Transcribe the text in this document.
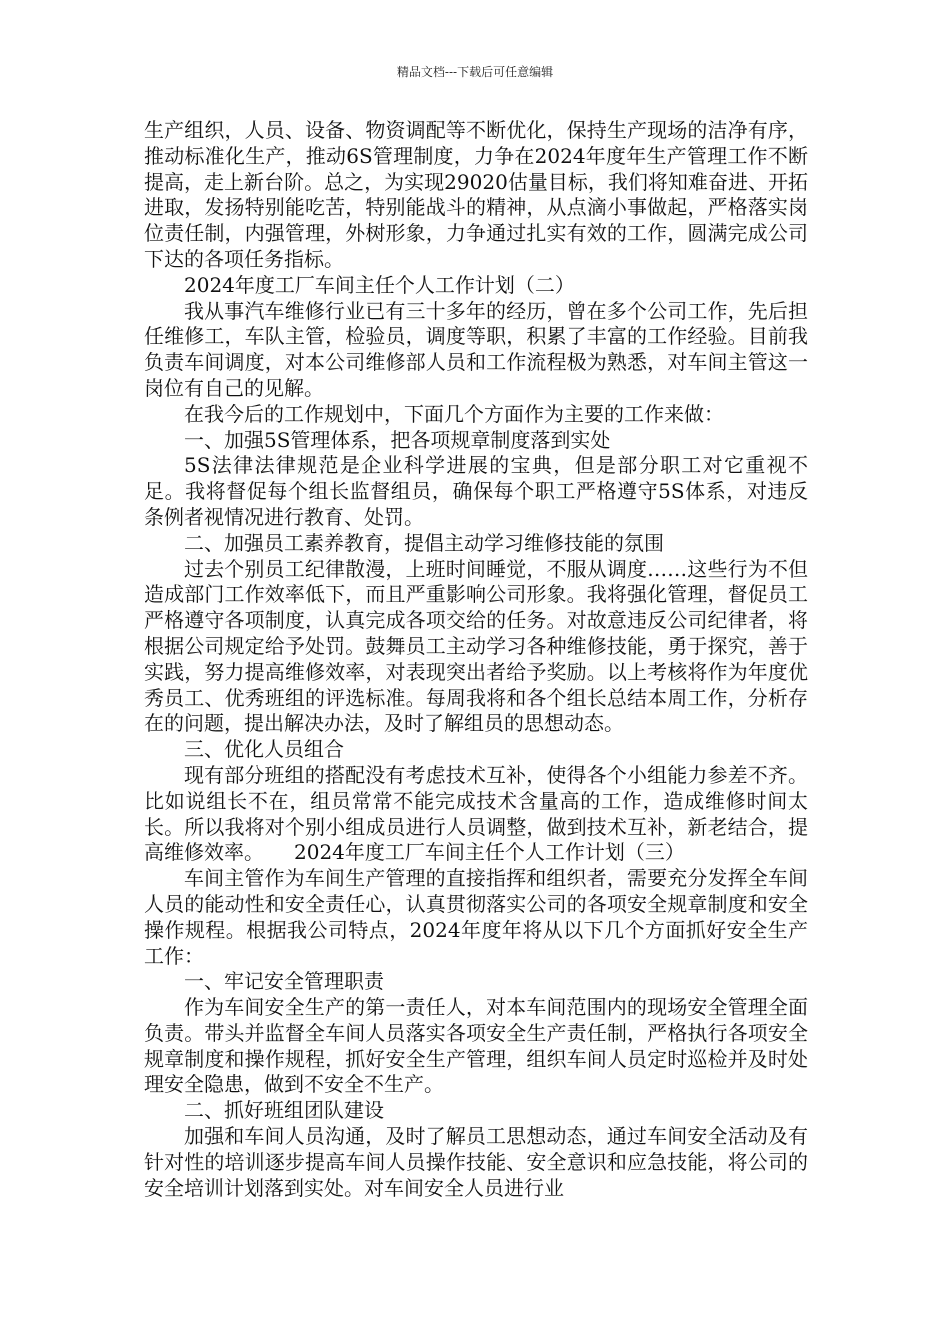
精品文档---下载后可任意编辑

生产组织，人员、设备、物资调配等不断优化，保持生产现场的洁净有序，推动标准化生产，推动6S管理制度，力争在2024年度年生产管理工作不断提高，走上新台阶。总之，为实现29020估量目标，我们将知难奋进、开拓进取，发扬特别能吃苦，特别能战斗的精神，从点滴小事做起，严格落实岗位责任制，内强管理，外树形象，力争通过扎实有效的工作，圆满完成公司下达的各项任务指标。

2024年度工厂车间主任个人工作计划（二）

我从事汽车维修行业已有三十多年的经历，曾在多个公司工作，先后担任维修工，车队主管，检验员，调度等职，积累了丰富的工作经验。目前我负责车间调度，对本公司维修部人员和工作流程极为熟悉，对车间主管这一岗位有自己的见解。

在我今后的工作规划中，下面几个方面作为主要的工作来做：

一、加强5S管理体系，把各项规章制度落到实处

5S法律法律规范是企业科学进展的宝典，但是部分职工对它重视不足。我将督促每个组长监督组员，确保每个职工严格遵守5S体系，对违反条例者视情况进行教育、处罚。

二、加强员工素养教育，提倡主动学习维修技能的氛围

过去个别员工纪律散漫，上班时间睡觉，不服从调度……这些行为不但造成部门工作效率低下，而且严重影响公司形象。我将强化管理，督促员工严格遵守各项制度，认真完成各项交给的任务。对故意违反公司纪律者，将根据公司规定给予处罚。鼓舞员工主动学习各种维修技能，勇于探究，善于实践，努力提高维修效率，对表现突出者给予奖励。以上考核将作为年度优秀员工、优秀班组的评选标准。每周我将和各个组长总结本周工作，分析存在的问题，提出解决办法，及时了解组员的思想动态。

三、优化人员组合

现有部分班组的搭配没有考虑技术互补，使得各个小组能力参差不齐。比如说组长不在，组员常常不能完成技术含量高的工作，造成维修时间太长。所以我将对个别小组成员进行人员调整，做到技术互补，新老结合，提高维修效率。　　2024年度工厂车间主任个人工作计划（三）

车间主管作为车间生产管理的直接指挥和组织者，需要充分发挥全车间人员的能动性和安全责任心，认真贯彻落实公司的各项安全规章制度和安全操作规程。根据我公司特点，2024年度年将从以下几个方面抓好安全生产工作：

一、牢记安全管理职责

作为车间安全生产的第一责任人，对本车间范围内的现场安全管理全面负责。带头并监督全车间人员落实各项安全生产责任制，严格执行各项安全规章制度和操作规程，抓好安全生产管理，组织车间人员定时巡检并及时处理安全隐患，做到不安全不生产。

二、抓好班组团队建设

加强和车间人员沟通，及时了解员工思想动态，通过车间安全活动及有针对性的培训逐步提高车间人员操作技能、安全意识和应急技能，将公司的安全培训计划落到实处。对车间安全人员进行业
